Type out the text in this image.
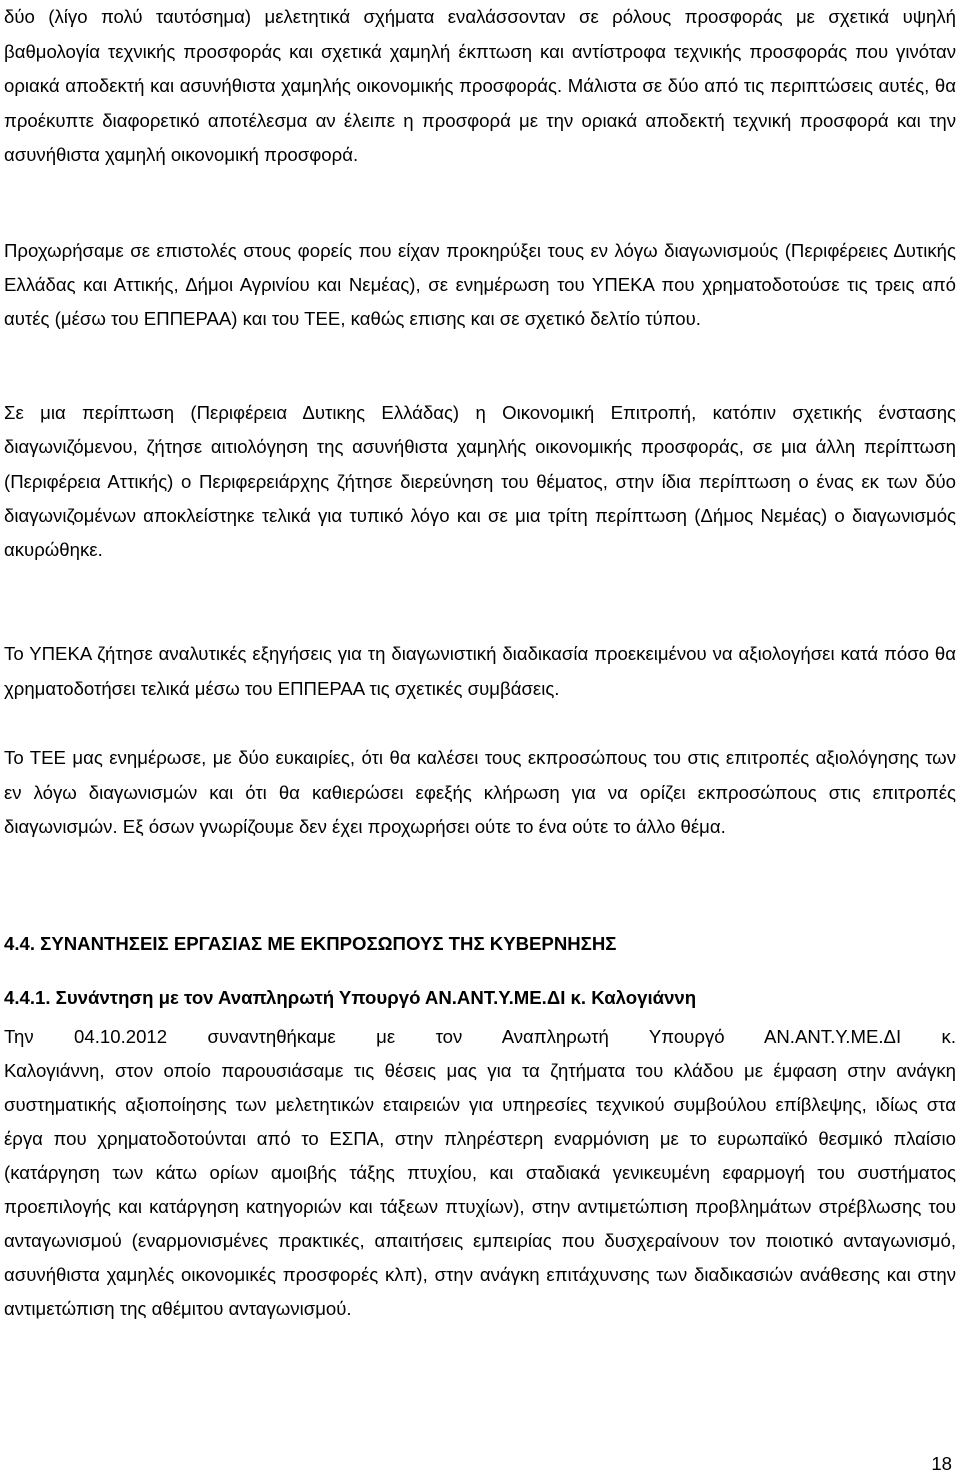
δύο (λίγο πολύ ταυτόσημα) μελετητικά σχήματα εναλάσσονταν σε ρόλους προσφοράς με σχετικά υψηλή βαθμολογία τεχνικής προσφοράς και σχετικά χαμηλή έκπτωση και αντίστροφα τεχνικής προσφοράς που γινόταν οριακά αποδεκτή και ασυνήθιστα χαμηλής οικονομικής προσφοράς. Μάλιστα σε δύο από τις περιπτώσεις αυτές, θα προέκυπτε διαφορετικό αποτέλεσμα αν έλειπε η προσφορά με την οριακά αποδεκτή τεχνική προσφορά και την ασυνήθιστα χαμηλή οικονομική προσφορά.

Προχωρήσαμε σε επιστολές στους φορείς που είχαν προκηρύξει τους εν λόγω διαγωνισμούς (Περιφέρειες Δυτικής Ελλάδας και Αττικής, Δήμοι Αγρινίου και Νεμέας), σε ενημέρωση του ΥΠΕΚΑ που χρηματοδοτούσε τις τρεις από αυτές (μέσω του ΕΠΠΕΡΑΑ) και του ΤΕΕ, καθώς επισης και σε σχετικό δελτίο τύπου.

Σε μια περίπτωση (Περιφέρεια Δυτικης Ελλάδας) η Οικονομική Επιτροπή, κατόπιν σχετικής ένστασης διαγωνιζόμενου, ζήτησε αιτιολόγηση της ασυνήθιστα χαμηλής οικονομικής προσφοράς, σε μια άλλη περίπτωση (Περιφέρεια Αττικής) ο Περιφερειάρχης ζήτησε διερεύνηση του θέματος, στην ίδια περίπτωση ο ένας εκ των δύο διαγωνιζομένων αποκλείστηκε τελικά για τυπικό λόγο και σε μια τρίτη περίπτωση (Δήμος Νεμέας) ο διαγωνισμός ακυρώθηκε.

Το ΥΠΕΚΑ ζήτησε αναλυτικές εξηγήσεις για τη διαγωνιστική διαδικασία προεκειμένου να αξιολογήσει κατά πόσο θα χρηματοδοτήσει τελικά μέσω του ΕΠΠΕΡΑΑ τις σχετικές συμβάσεις.

Το ΤΕΕ μας ενημέρωσε, με δύο ευκαιρίες, ότι θα καλέσει τους εκπροσώπους του στις επιτροπές αξιολόγησης των εν λόγω διαγωνισμών και ότι θα καθιερώσει εφεξής κλήρωση για να ορίζει εκπροσώπους στις επιτροπές διαγωνισμών. Εξ όσων γνωρίζουμε δεν έχει προχωρήσει ούτε το ένα ούτε το άλλο θέμα.

4.4. ΣΥΝΑΝΤΗΣΕΙΣ ΕΡΓΑΣΙΑΣ ΜΕ ΕΚΠΡΟΣΩΠΟΥΣ ΤΗΣ ΚΥΒΕΡΝΗΣΗΣ
4.4.1. Συνάντηση με τον Αναπληρωτή Υπουργό ΑΝ.ΑΝΤ.Υ.ΜΕ.ΔΙ κ. Καλογιάννη
Την 04.10.2012 συναντηθήκαμε με τον Αναπληρωτή Υπουργό ΑΝ.ΑΝΤ.Υ.ΜΕ.ΔΙ κ.
Καλογιάννη, στον οποίο παρουσιάσαμε τις θέσεις μας για τα ζητήματα του κλάδου με έμφαση στην ανάγκη συστηματικής αξιοποίησης των μελετητικών εταιρειών για υπηρεσίες τεχνικού συμβούλου επίβλεψης, ιδίως στα έργα που χρηματοδοτούνται από το ΕΣΠΑ, στην πληρέστερη εναρμόνιση με το ευρωπαϊκό θεσμικό πλαίσιο (κατάργηση των κάτω ορίων αμοιβής τάξης πτυχίου, και σταδιακά γενικευμένη εφαρμογή του συστήματος προεπιλογής και κατάργηση κατηγοριών και τάξεων πτυχίων), στην αντιμετώπιση προβλημάτων στρέβλωσης του ανταγωνισμού (εναρμονισμένες πρακτικές, απαιτήσεις εμπειρίας που δυσχεραίνουν τον ποιοτικό ανταγωνισμό, ασυνήθιστα χαμηλές οικονομικές προσφορές κλπ), στην ανάγκη επιτάχυνσης των διαδικασιών ανάθεσης και στην αντιμετώπιση της αθέμιτου ανταγωνισμού.
18
